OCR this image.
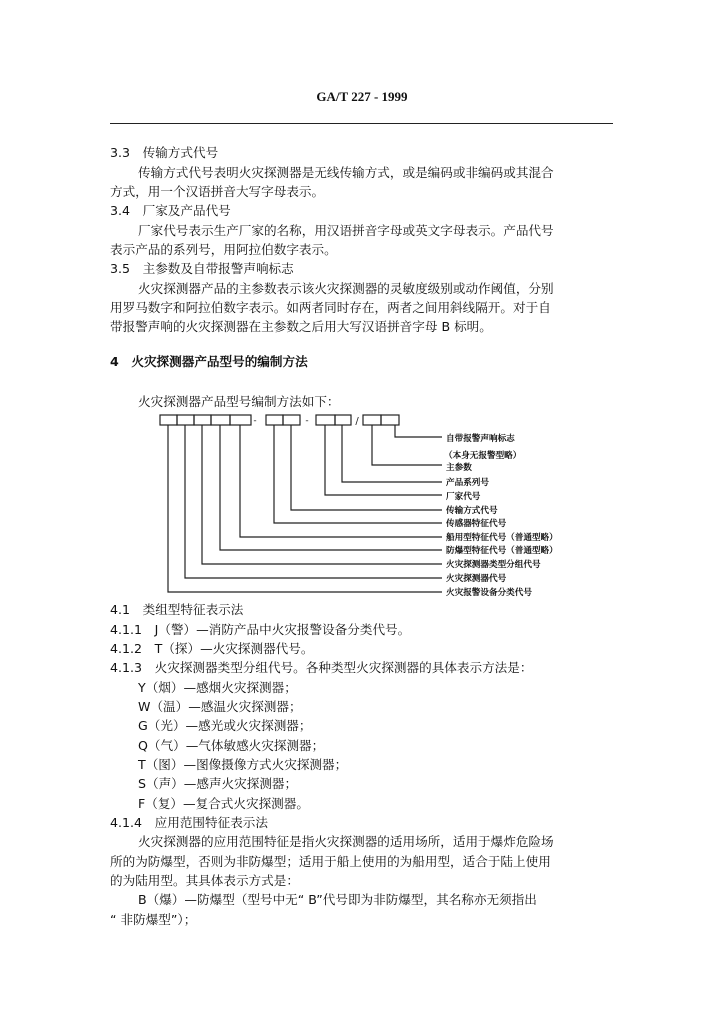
GA/T 227 - 1999
3.3　传输方式代号
传输方式代号表明火灾探测器是无线传输方式，或是编码或非编码或其混合
方式，用一个汉语拼音大写字母表示。
3.4　厂家及产品代号
厂家代号表示生产厂家的名称，用汉语拼音字母或英文字母表示。产品代号
表示产品的系列号，用阿拉伯数字表示。
3.5　主参数及自带报警声响标志
火灾探测器产品的主参数表示该火灾探测器的灵敏度级别或动作阈值，分别
用罗马数字和阿拉伯数字表示。如两者同时存在，两者之间用斜线隔开。对于自
带报警声响的火灾探测器在主参数之后用大写汉语拼音字母 B 标明。
4　火灾探测器产品型号的编制方法
火灾探测器产品型号编制方法如下：
-	-	/
自带报警声响标志
（本身无报警型略）
主参数
产品系列号
厂家代号
传输方式代号
传感器特征代号
船用型特征代号（普通型略）
防爆型特征代号（普通型略）
火灾探测器类型分组代号
火灾探测器代号
火灾报警设备分类代号
4.1　类组型特征表示法
4.1.1　J（警）—消防产品中火灾报警设备分类代号。
4.1.2　T（探）—火灾探测器代号。
4.1.3　火灾探测器类型分组代号。各种类型火灾探测器的具体表示方法是：
Y（烟）—感烟火灾探测器；
W（温）—感温火灾探测器；
G（光）—感光或火灾探测器；
Q（气）—气体敏感火灾探测器；
T（图）—图像摄像方式火灾探测器；
S（声）—感声火灾探测器；
F（复）—复合式火灾探测器。
4.1.4　应用范围特征表示法
火灾探测器的应用范围特征是指火灾探测器的适用场所，适用于爆炸危险场
所的为防爆型，否则为非防爆型；适用于船上使用的为船用型，适合于陆上使用
的为陆用型。其具体表示方式是：
B（爆）—防爆型（型号中无“ B”代号即为非防爆型，其名称亦无须指出
“ 非防爆型”）；
